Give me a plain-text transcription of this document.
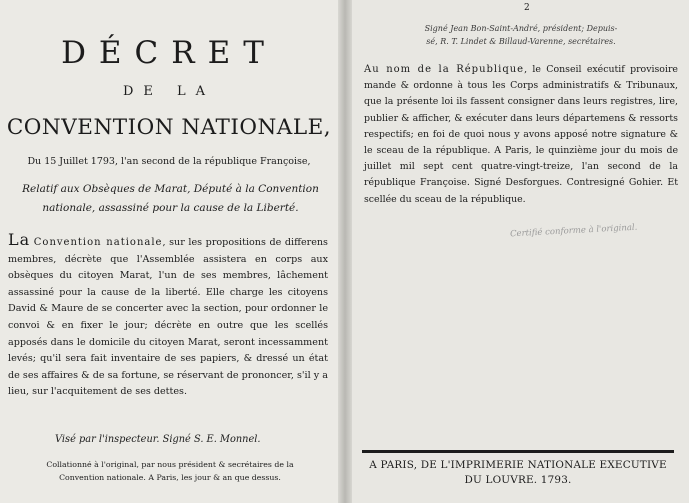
DÉCRET
DE LA
CONVENTION NATIONALE,
Du 15 Juillet 1793, l'an second de la république Françoise,
Relatif aux Obsèques de Marat, Député à la Convention
nationale, assassiné pour la cause de la Liberté.
La Convention nationale, sur les propositions de differens membres, décrète que l'Assemblée assistera en corps aux obsèques du citoyen Marat, l'un de ses membres, lâchement assassiné pour la cause de la liberté. Elle charge les citoyens David & Maure de se concerter avec la section, pour ordonner le convoi & en fixer le jour; décrète en outre que les scellés apposés dans le domicile du citoyen Marat, seront incessamment levés; qu'il sera fait inventaire de ses papiers, & dressé un état de ses affaires & de sa fortune, se réservant de prononcer, s'il y a lieu, sur l'acquitement de ses dettes.
Visé par l'inspecteur. Signé S. E. Monnel.
Collationné à l'original, par nous président & secrétaires de la
Convention nationale. A Paris, les jour & an que dessus.
2
Signé Jean Bon-Saint-André, président; Depuis-
sé, R. T. Lindet & Billaud-Varenne, secrétaires.
Au nom de la République, le Conseil exécutif provisoire mande & ordonne à tous les Corps administratifs & Tribunaux, que la présente loi ils fassent consigner dans leurs registres, lire, publier & afficher, & exécuter dans leurs départemens & ressorts respectifs; en foi de quoi nous y avons apposé notre signature & le sceau de la république. A Paris, le quinzième jour du mois de juillet mil sept cent quatre-vingt-treize, l'an second de la république Françoise. Signé Desforgues. Contresigné Gohier. Et scellée du sceau de la république.
Certifié conforme à l'original.
A PARIS, DE L'IMPRIMERIE NATIONALE EXECUTIVE
DU LOUVRE. 1793.
